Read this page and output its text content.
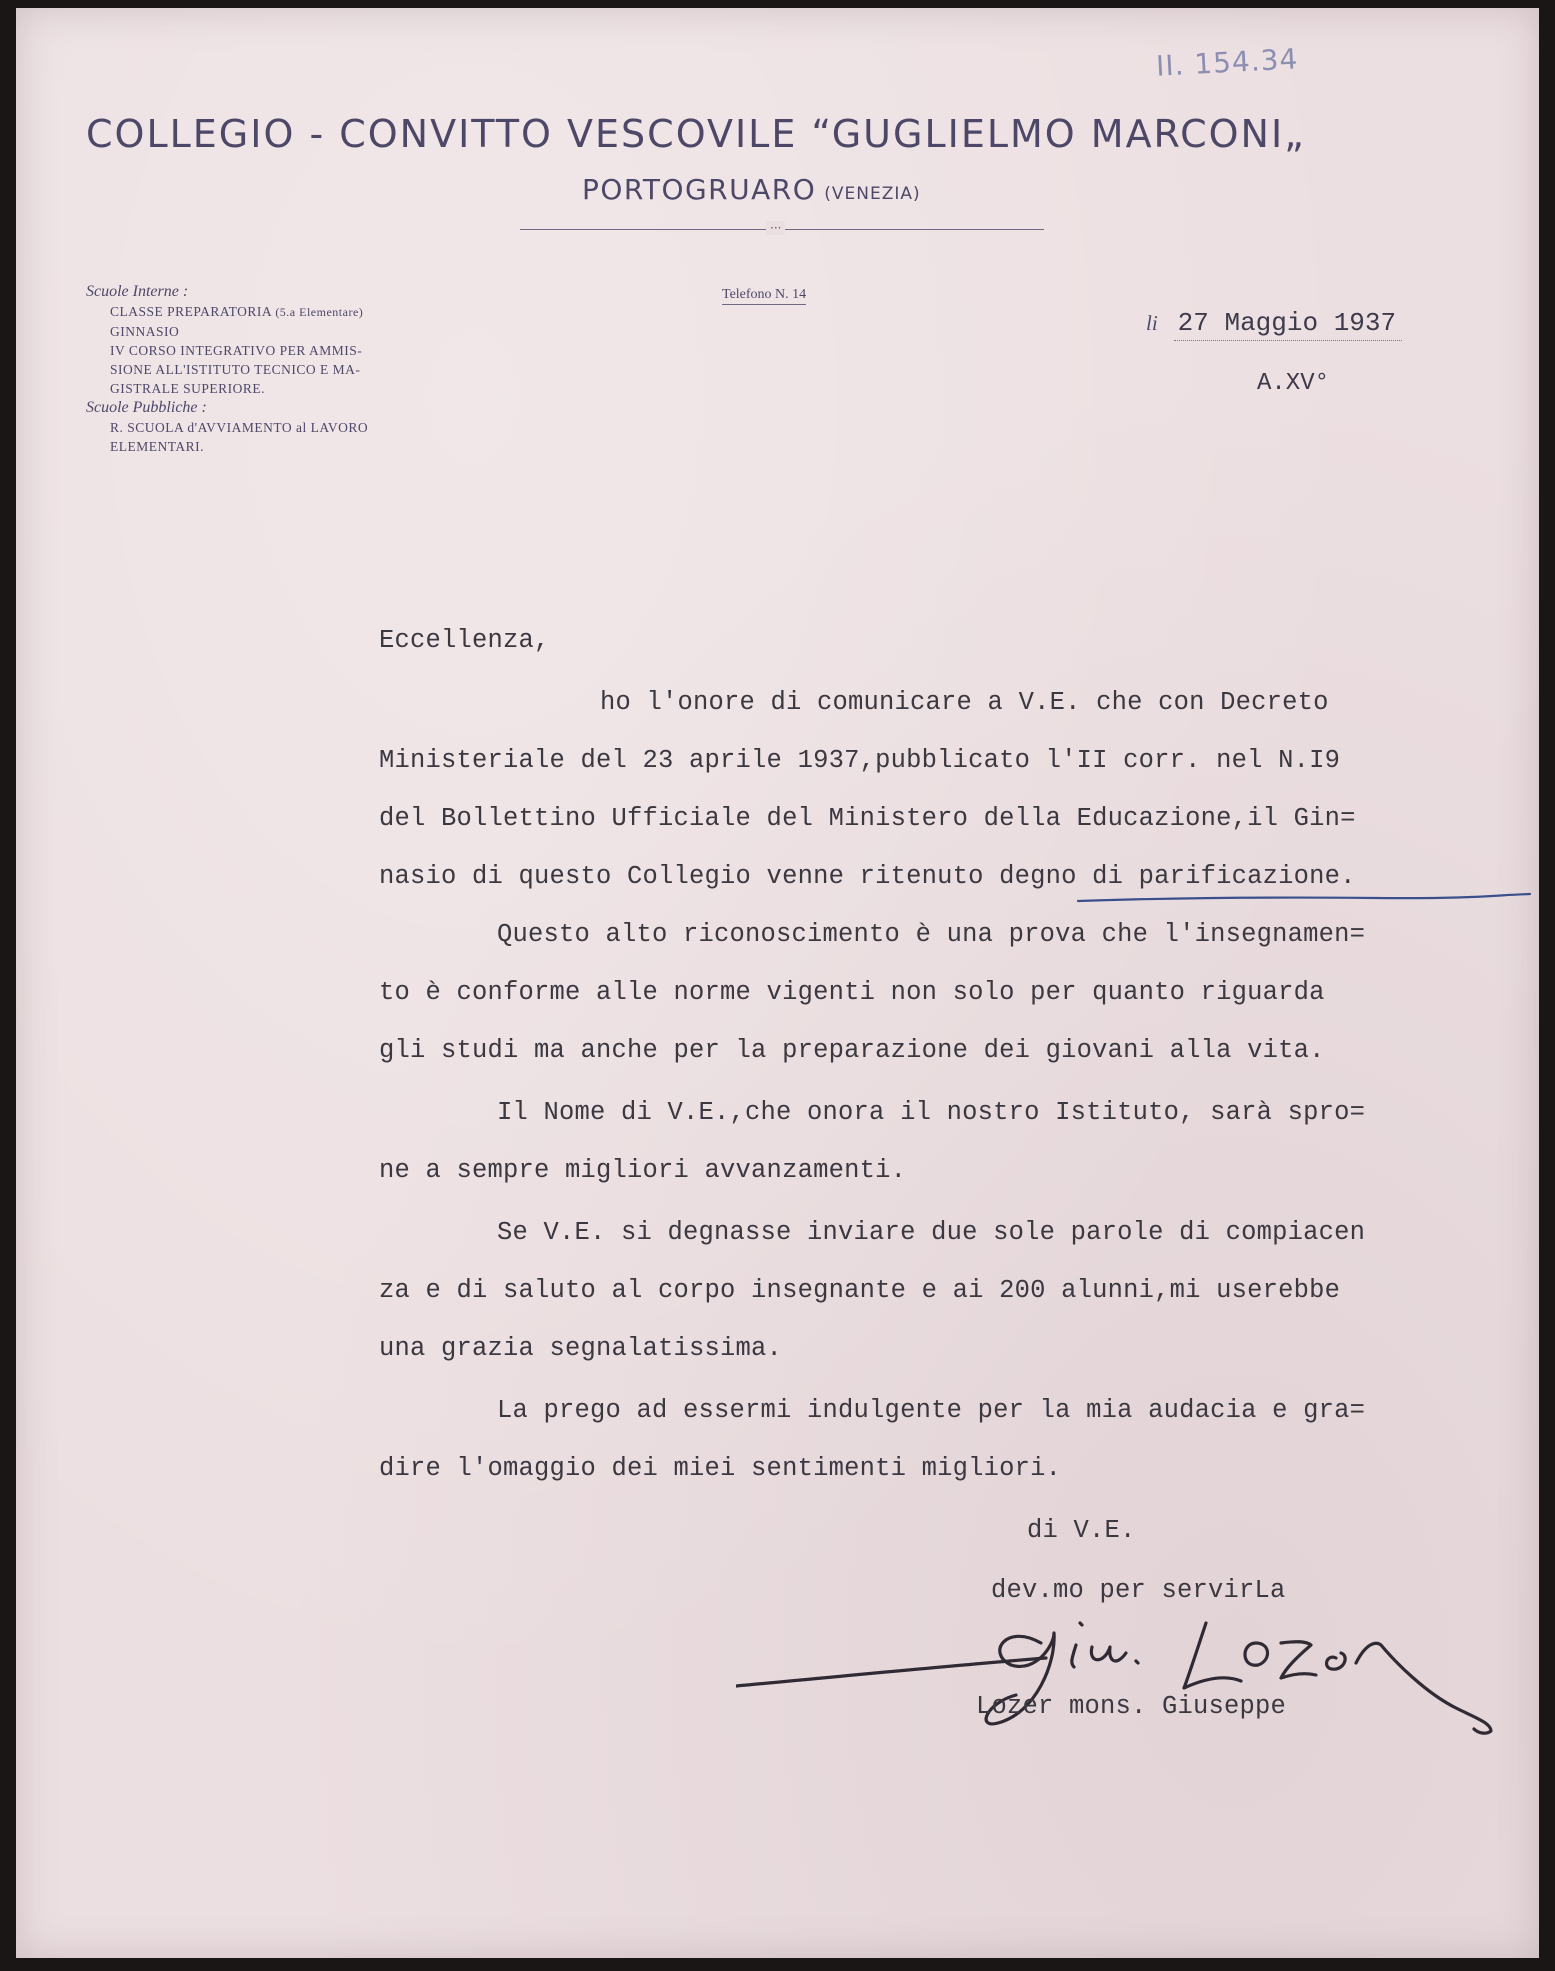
II. 154.34
COLLEGIO - CONVITTO VESCOVILE “GUGLIELMO MARCONI„
PORTOGRUARO (VENEZIA)
···
Scuole Interne :
CLASSE PREPARATORIA (5.a Elementare)
GINNASIO
IV CORSO INTEGRATIVO PER AMMIS-
SIONE ALL'ISTITUTO TECNICO E MA-
GISTRALE SUPERIORE.
Scuole Pubbliche :
R. SCUOLA d'AVVIAMENTO al LAVORO
ELEMENTARI.
Telefono N. 14
li 27 Maggio 1937
A.XV°
Eccellenza,
ho l'onore di comunicare a V.E. che con Decreto
Ministeriale del 23 aprile 1937,pubblicato l'II corr. nel N.I9
del Bollettino Ufficiale del Ministero della Educazione,il Gin=
nasio di questo Collegio venne ritenuto degno di parificazione.
Questo alto riconoscimento è una prova che l'insegnamen=
to è conforme alle norme vigenti non solo per quanto riguarda
gli studi ma anche per la preparazione dei giovani alla vita.
Il Nome di V.E.,che onora il nostro Istituto, sarà spro=
ne a sempre migliori avvanzamenti.
Se V.E. si degnasse inviare due sole parole di compiacen
za e di saluto al corpo insegnante e ai 200 alunni,mi userebbe
una grazia segnalatissima.
La prego ad essermi indulgente per la mia audacia e gra=
dire l'omaggio dei miei sentimenti migliori.
di V.E.
dev.mo per servirLa
Lozer mons. Giuseppe
